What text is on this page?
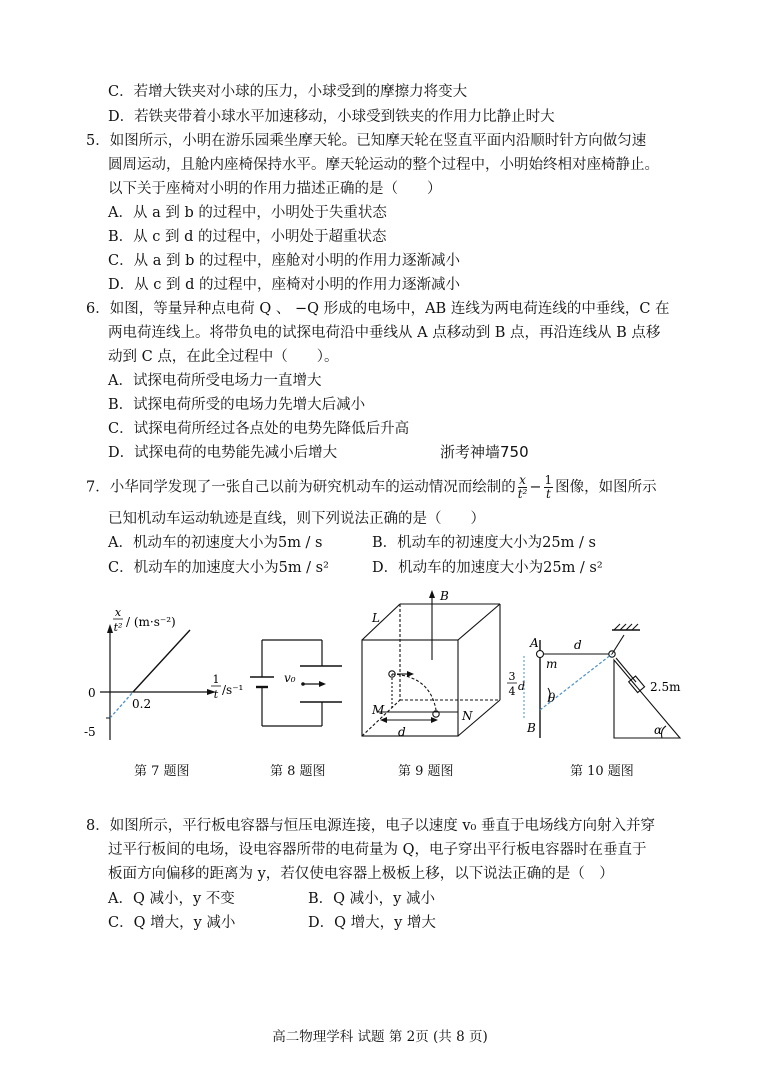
C．若增大铁夹对小球的压力，小球受到的摩擦力将变大
D．若铁夹带着小球水平加速移动，小球受到铁夹的作用力比静止时大
5．如图所示，小明在游乐园乘坐摩天轮。已知摩天轮在竖直平面内沿顺时针方向做匀速
圆周运动，且舱内座椅保持水平。摩天轮运动的整个过程中，小明始终相对座椅静止。
以下关于座椅对小明的作用力描述正确的是（　　）
A．从 a 到 b 的过程中，小明处于失重状态
B．从 c 到 d 的过程中，小明处于超重状态
C．从 a 到 b 的过程中，座舱对小明的作用力逐渐减小
D．从 c 到 d 的过程中，座椅对小明的作用力逐渐减小
6．如图，等量异种点电荷 Q 、 −Q 形成的电场中，AB 连线为两电荷连线的中垂线，C 在
两电荷连线上。将带负电的试探电荷沿中垂线从 A 点移动到 B 点，再沿连线从 B 点移
动到 C 点，在此全过程中（　　）。
A．试探电荷所受电场力一直增大
B．试探电荷所受的电场力先增大后减小
C．试探电荷所经过各点处的电势先降低后升高
D．试探电荷的电势能先减小后增大	浙考神墙750
7．小华同学发现了一张自己以前为研究机动车的运动情况而绘制的 $\frac{x}{\text{t²}} - \frac{1}{t}$ 图像，如图所示
已知机动车运动轨迹是直线，则下列说法正确的是（　　）
A．机动车的初速度大小为5m / s	B．机动车的初速度大小为25m / s
C．机动车的加速度大小为5m / s²	D．机动车的加速度大小为25m / s²
x
t² / (m·s⁻²)
1
t /s⁻¹
0
0.2
-5
v₀
B
L
M	N
d
A
B
m
d
3
4 d
θ
2.5m
α
第 7 题图	第 8 题图	第 9 题图	第 10 题图
8．如图所示，平行板电容器与恒压电源连接，电子以速度 v₀ 垂直于电场线方向射入并穿
过平行板间的电场，设电容器所带的电荷量为 Q，电子穿出平行板电容器时在垂直于
板面方向偏移的距离为 y，若仅使电容器上极板上移，以下说法正确的是（　）
A．Q 减小，y 不变	B．Q 减小，y 减小
C．Q 增大，y 减小	D．Q 增大，y 增大
高二物理学科 试题 第 2页 (共 8 页)
